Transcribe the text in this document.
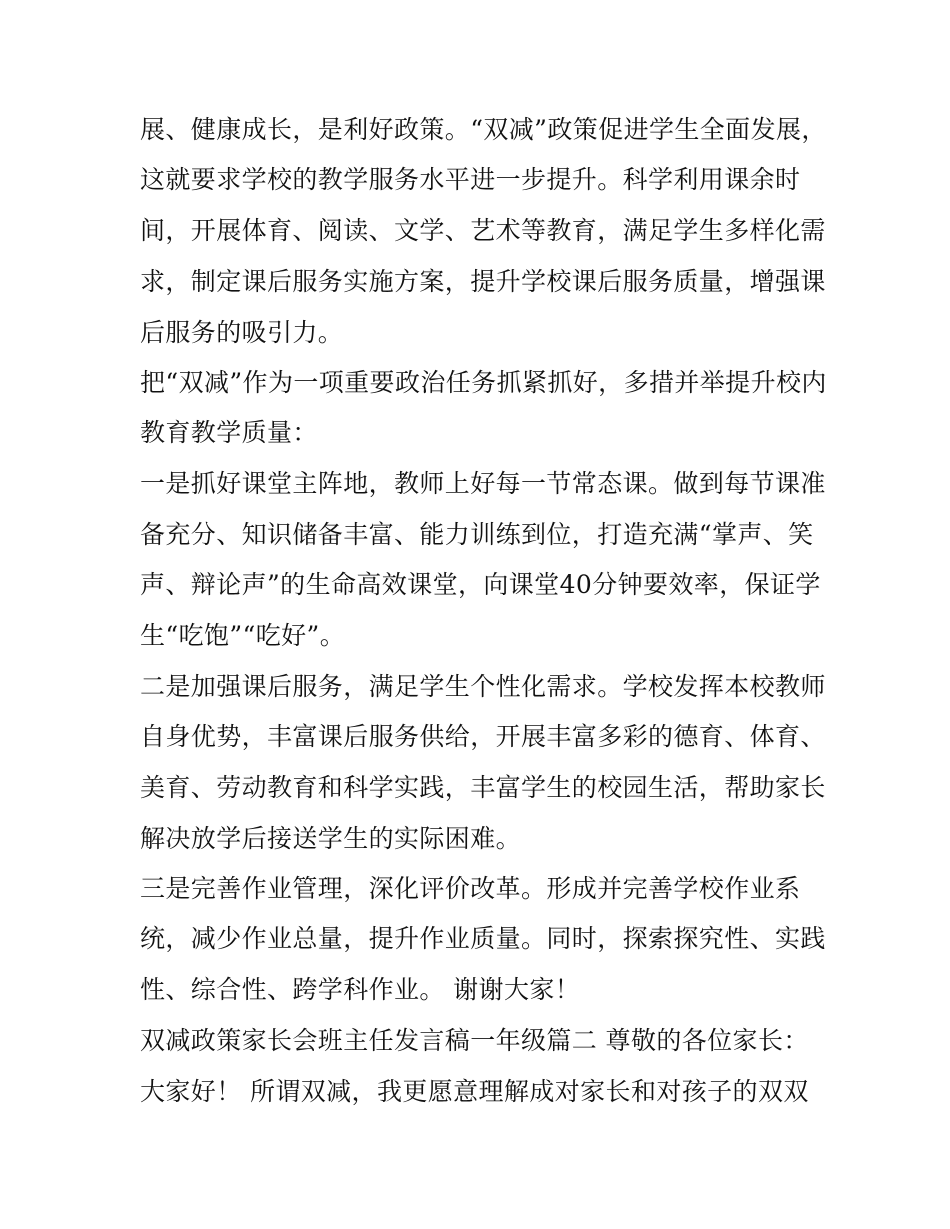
展、健康成长，是利好政策。“双减”政策促进学生全面发展，
这就要求学校的教学服务水平进一步提升。科学利用课余时
间，开展体育、阅读、文学、艺术等教育，满足学生多样化需
求，制定课后服务实施方案，提升学校课后服务质量，增强课
后服务的吸引力。
把“双减”作为一项重要政治任务抓紧抓好，多措并举提升校内
教育教学质量：
一是抓好课堂主阵地，教师上好每一节常态课。做到每节课准
备充分、知识储备丰富、能力训练到位，打造充满“掌声、笑
声、辩论声”的生命高效课堂，向课堂40分钟要效率，保证学
生“吃饱”“吃好”。
二是加强课后服务，满足学生个性化需求。学校发挥本校教师
自身优势，丰富课后服务供给，开展丰富多彩的德育、体育、
美育、劳动教育和科学实践，丰富学生的校园生活，帮助家长
解决放学后接送学生的实际困难。
三是完善作业管理，深化评价改革。形成并完善学校作业系
统，减少作业总量，提升作业质量。同时，探索探究性、实践
性、综合性、跨学科作业。 谢谢大家！
双减政策家长会班主任发言稿一年级篇二 尊敬的各位家长：
大家好！ 所谓双减，我更愿意理解成对家长和对孩子的双双
